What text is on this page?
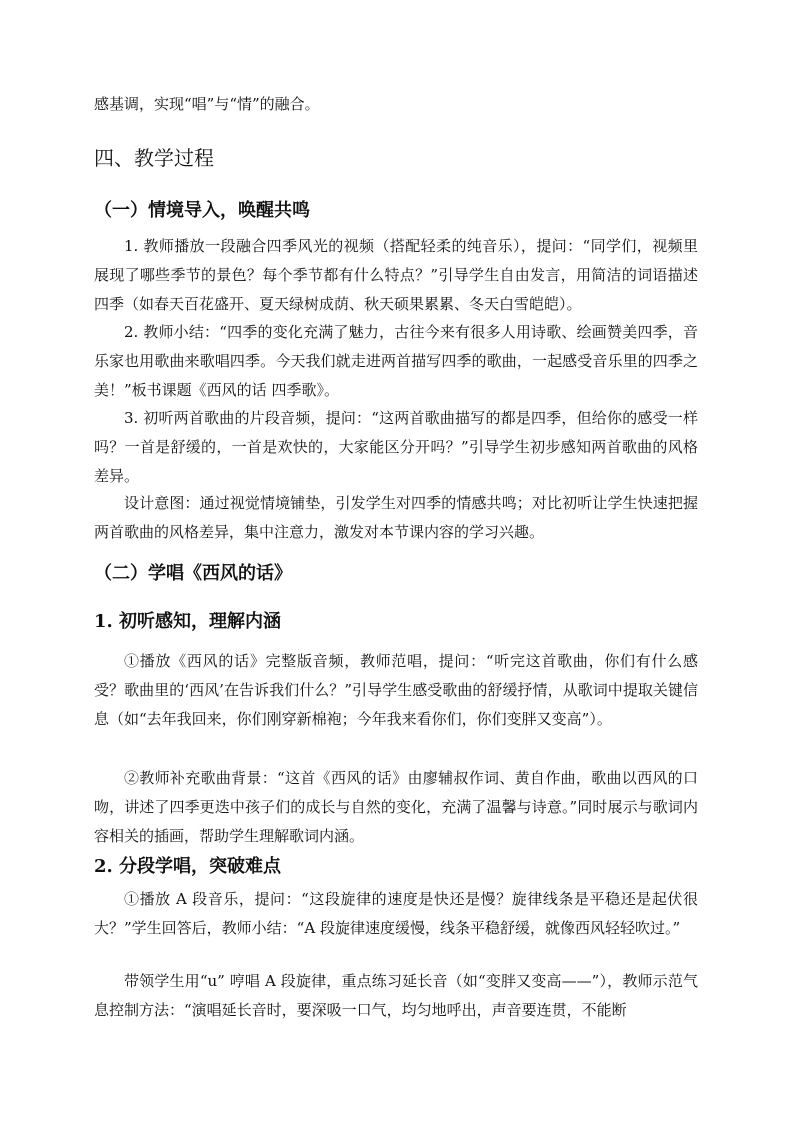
感基调，实现“唱”与“情”的融合。

四、教学过程
（一）情境导入，唤醒共鸣

1. 教师播放一段融合四季风光的视频（搭配轻柔的纯音乐），提问：“同学们，视频里展现了哪些季节的景色？每个季节都有什么特点？”引导学生自由发言，用简洁的词语描述四季（如春天百花盛开、夏天绿树成荫、秋天硕果累累、冬天白雪皑皑）。

2. 教师小结：“四季的变化充满了魅力，古往今来有很多人用诗歌、绘画赞美四季，音乐家也用歌曲来歌唱四季。今天我们就走进两首描写四季的歌曲，一起感受音乐里的四季之美！”板书课题《西风的话 四季歌》。

3. 初听两首歌曲的片段音频，提问：“这两首歌曲描写的都是四季，但给你的感受一样吗？一首是舒缓的，一首是欢快的，大家能区分开吗？”引导学生初步感知两首歌曲的风格差异。

设计意图：通过视觉情境铺垫，引发学生对四季的情感共鸣；对比初听让学生快速把握两首歌曲的风格差异，集中注意力，激发对本节课内容的学习兴趣。

（二）学唱《西风的话》
1. 初听感知，理解内涵

①播放《西风的话》完整版音频，教师范唱，提问：“听完这首歌曲，你们有什么感受？歌曲里的‘西风’在告诉我们什么？”引导学生感受歌曲的舒缓抒情，从歌词中提取关键信息（如“去年我回来，你们刚穿新棉袍；今年我来看你们，你们变胖又变高”）。

②教师补充歌曲背景：“这首《西风的话》由廖辅叔作词、黄自作曲，歌曲以西风的口吻，讲述了四季更迭中孩子们的成长与自然的变化，充满了温馨与诗意。”同时展示与歌词内容相关的插画，帮助学生理解歌词内涵。

2. 分段学唱，突破难点

①播放 A 段音乐，提问：“这段旋律的速度是快还是慢？旋律线条是平稳还是起伏很大？”学生回答后，教师小结：“A 段旋律速度缓慢，线条平稳舒缓，就像西风轻轻吹过。”

带领学生用“u” 哼唱 A 段旋律，重点练习延长音（如“变胖又变高——”），教师示范气息控制方法：“演唱延长音时，要深吸一口气，均匀地呼出，声音要连贯，不能断
